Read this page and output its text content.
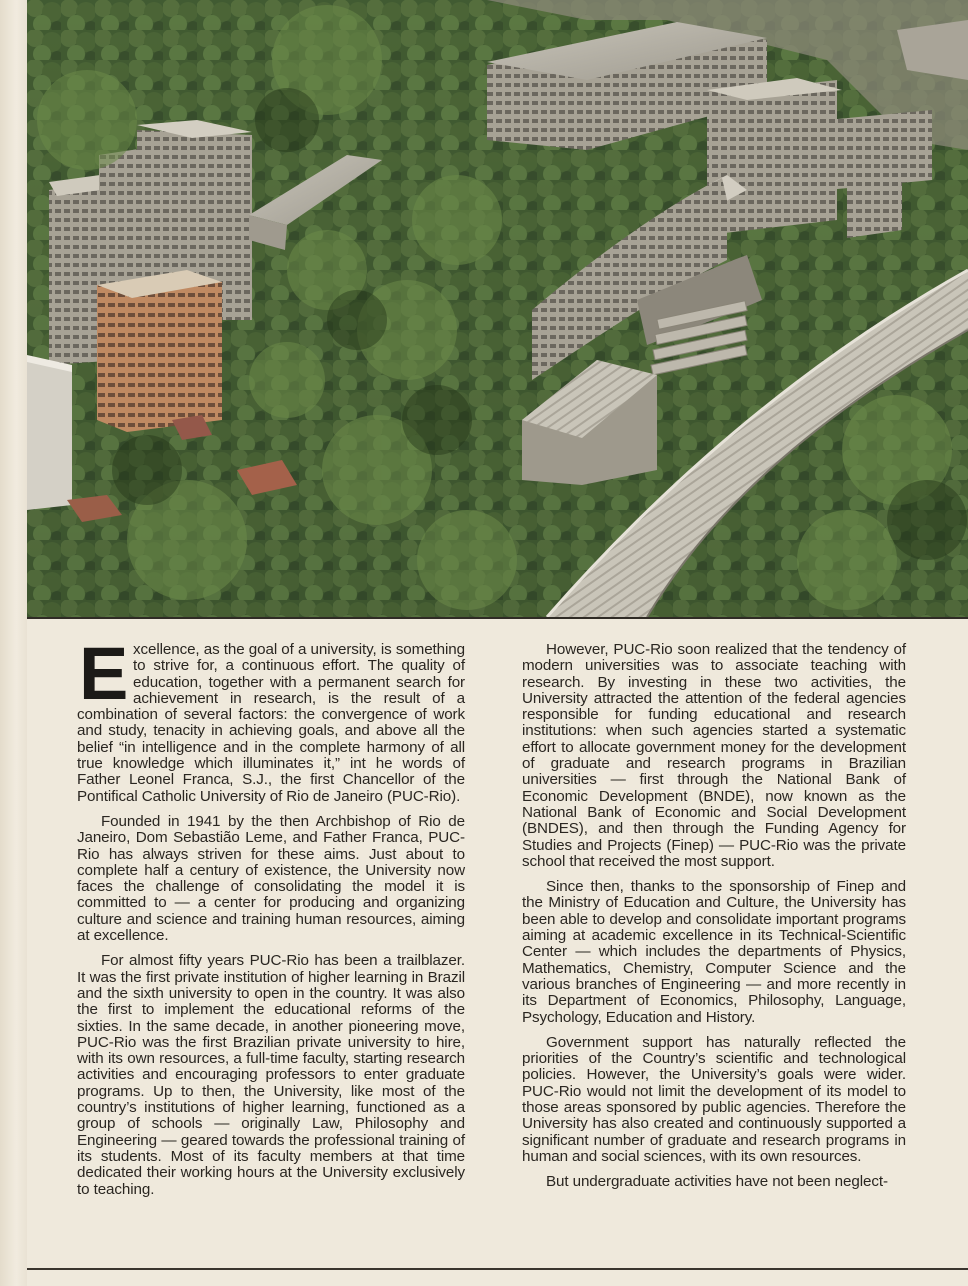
Excellence, as the goal of a university, is something to strive for, a continuous effort. The quality of education, together with a permanent search for achievement in research, is the result of a combination of several factors: the convergence of work and study, tenacity in achieving goals, and above all the belief “in intelligence and in the complete harmony of all true knowledge which illuminates it,” int he words of Father Leonel Franca, S.J., the first Chancellor of the Pontifical Catholic University of Rio de Janeiro (PUC-Rio).

Founded in 1941 by the then Archbishop of Rio de Janeiro, Dom Sebastião Leme, and Father Franca, PUC-Rio has always striven for these aims. Just about to complete half a century of existence, the University now faces the challenge of consolidating the model it is committed to — a center for producing and organizing culture and science and training human resources, aiming at excellence.

For almost fifty years PUC-Rio has been a trailblazer. It was the first private institution of higher learning in Brazil and the sixth university to open in the country. It was also the first to implement the educational reforms of the sixties. In the same decade, in another pioneering move, PUC-Rio was the first Brazilian private university to hire, with its own resources, a full-time faculty, starting research activities and encouraging professors to enter graduate programs. Up to then, the University, like most of the country’s institutions of higher learning, functioned as a group of schools — originally Law, Philosophy and Engineering — geared towards the professional training of its students. Most of its faculty members at that time dedicated their working hours at the University exclusively to teaching.

However, PUC-Rio soon realized that the tendency of modern universities was to associate teaching with research. By investing in these two activities, the University attracted the attention of the federal agencies responsible for funding educational and research institutions: when such agencies started a systematic effort to allocate government money for the development of graduate and research programs in Brazilian universities — first through the National Bank of Economic Development (BNDE), now known as the National Bank of Economic and Social Development (BNDES), and then through the Funding Agency for Studies and Projects (Finep) — PUC-Rio was the private school that received the most support.

Since then, thanks to the sponsorship of Finep and the Ministry of Education and Culture, the University has been able to develop and consolidate important programs aiming at academic excellence in its Technical-Scientific Center — which includes the departments of Physics, Mathematics, Chemistry, Computer Science and the various branches of Engineering — and more recently in its Department of Economics, Philosophy, Language, Psychology, Education and History.

Government support has naturally reflected the priorities of the Country’s scientific and technological policies. However, the University’s goals were wider. PUC-Rio would not limit the development of its model to those areas sponsored by public agencies. Therefore the University has also created and continuously supported a significant number of graduate and research programs in human and social sciences, with its own resources.

But undergraduate activities have not been neglect-
